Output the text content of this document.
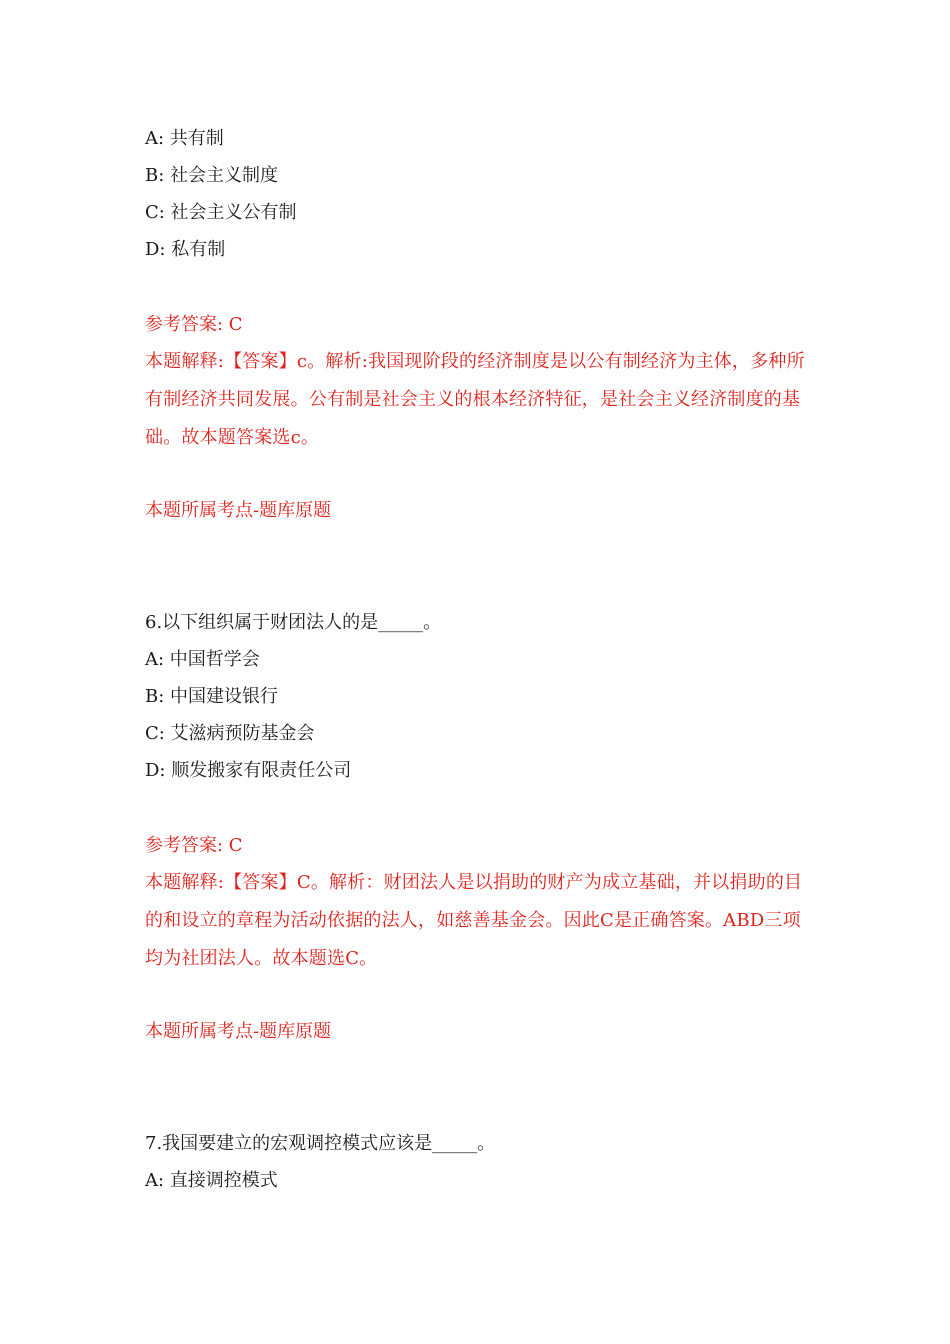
A: 共有制
B: 社会主义制度
C: 社会主义公有制
D: 私有制
参考答案: C
本题解释:【答案】c。解析:我国现阶段的经济制度是以公有制经济为主体，多种所有制经济共同发展。公有制是社会主义的根本经济特征，是社会主义经济制度的基础。故本题答案选c。
本题所属考点-题库原题
6.以下组织属于财团法人的是_____。
A: 中国哲学会
B: 中国建设银行
C: 艾滋病预防基金会
D: 顺发搬家有限责任公司
参考答案: C
本题解释:【答案】C。解析：财团法人是以捐助的财产为成立基础，并以捐助的目的和设立的章程为活动依据的法人，如慈善基金会。因此C是正确答案。ABD三项均为社团法人。故本题选C。
本题所属考点-题库原题
7.我国要建立的宏观调控模式应该是_____。
A: 直接调控模式
